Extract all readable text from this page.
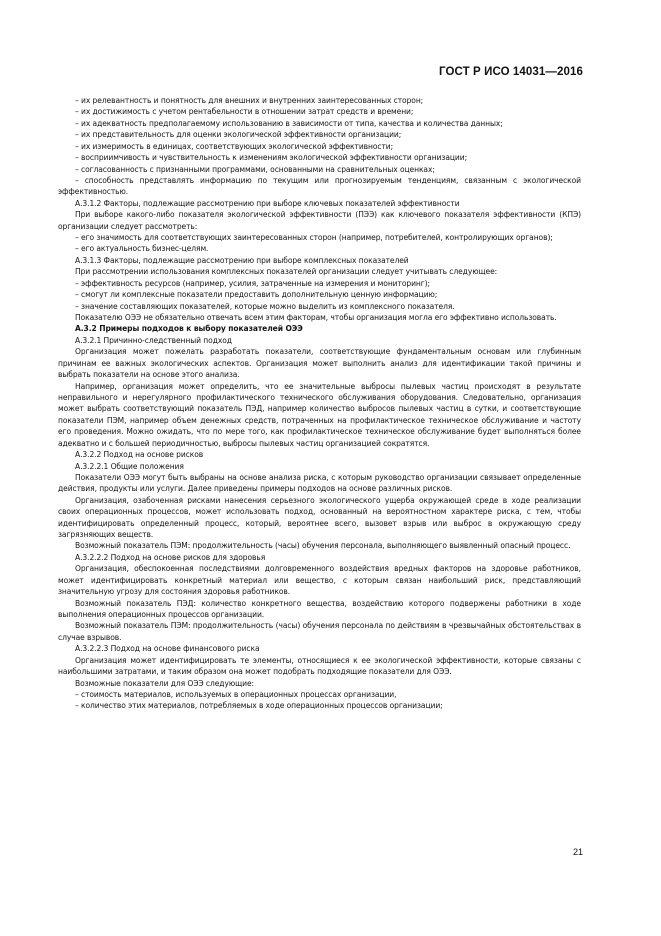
ГОСТ Р ИСО 14031—2016

– их релевантность и понятность для внешних и внутренних заинтересованных сторон;

– их достижимость с учетом рентабельности в отношении затрат средств и времени;

– их адекватность предполагаемому использованию в зависимости от типа, качества и количества данных;

– их представительность для оценки экологической эффективности организации;

– их измеримость в единицах, соответствующих экологической эффективности;

– восприимчивость и чувствительность к изменениям экологической эффективности организации;

– согласованность с признанными программами, основанными на сравнительных оценках;

– способность представлять информацию по текущим или прогнозируемым тенденциям, связанным с экологической эффективностью.

А.3.1.2 Факторы, подлежащие рассмотрению при выборе ключевых показателей эффективности

При выборе какого-либо показателя экологической эффективности (ПЭЭ) как ключевого показателя эффективности (КПЭ) организации следует рассмотреть:

– его значимость для соответствующих заинтересованных сторон (например, потребителей, контролирующих органов);

– его актуальность бизнес-целям.

А.3.1.3 Факторы, подлежащие рассмотрению при выборе комплексных показателей

При рассмотрении использования комплексных показателей организации следует учитывать следующее:

– эффективность ресурсов (например, усилия, затраченные на измерения и мониторинг);

– смогут ли комплексные показатели предоставить дополнительную ценную информацию;

– значение составляющих показателей, которые можно выделить из комплексного показателя.

Показателю ОЭЭ не обязательно отвечать всем этим факторам, чтобы организация могла его эффективно использовать.

А.3.2 Примеры подходов к выбору показателей ОЭЭ

А.3.2.1 Причинно-следственный подход

Организация может пожелать разработать показатели, соответствующие фундаментальным основам или глубинным причинам ее важных экологических аспектов. Организация может выполнить анализ для идентификации такой причины и выбрать показатели на основе этого анализа.

Например, организация может определить, что ее значительные выбросы пылевых частиц происходят в результате неправильного и нерегулярного профилактического технического обслуживания оборудования. Следовательно, организация может выбрать соответствующий показатель ПЭД, например количество выбросов пылевых частиц в сутки, и соответствующие показатели ПЭМ, например объем денежных средств, потраченных на профилактическое техническое обслуживание и частоту его проведения. Можно ожидать, что по мере того, как профилактическое техническое обслуживание будет выполняться более адекватно и с большей периодичностью, выбросы пылевых частиц организацией сократятся.

А.3.2.2 Подход на основе рисков

А.3.2.2.1 Общие положения

Показатели ОЭЭ могут быть выбраны на основе анализа риска, с которым руководство организации связывает определенные действия, продукты или услуги. Далее приведены примеры подходов на основе различных рисков.

Организация, озабоченная рисками нанесения серьезного экологического ущерба окружающей среде в ходе реализации своих операционных процессов, может использовать подход, основанный на вероятностном характере риска, с тем, чтобы идентифицировать определенный процесс, который, вероятнее всего, вызовет взрыв или выброс в окружающую среду загрязняющих веществ.

Возможный показатель ПЭМ: продолжительность (часы) обучения персонала, выполняющего выявленный опасный процесс.

А.3.2.2.2 Подход на основе рисков для здоровья

Организация, обеспокоенная последствиями долговременного воздействия вредных факторов на здоровье работников, может идентифицировать конкретный материал или вещество, с которым связан наибольший риск, представляющий значительную угрозу для состояния здоровья работников.

Возможный показатель ПЭД: количество конкретного вещества, воздействию которого подвержены работники в ходе выполнения операционных процессов организации.

Возможный показатель ПЭМ: продолжительность (часы) обучения персонала по действиям в чрезвычайных обстоятельствах в случае взрывов.

А.3.2.2.3 Подход на основе финансового риска

Организация может идентифицировать те элементы, относящиеся к ее экологической эффективности, которые связаны с наибольшими затратами, и таким образом она может подобрать подходящие показатели для ОЭЭ.

Возможные показатели для ОЭЭ следующие:

– стоимость материалов, используемых в операционных процессах организации,

– количество этих материалов, потребляемых в ходе операционных процессов организации;

21
